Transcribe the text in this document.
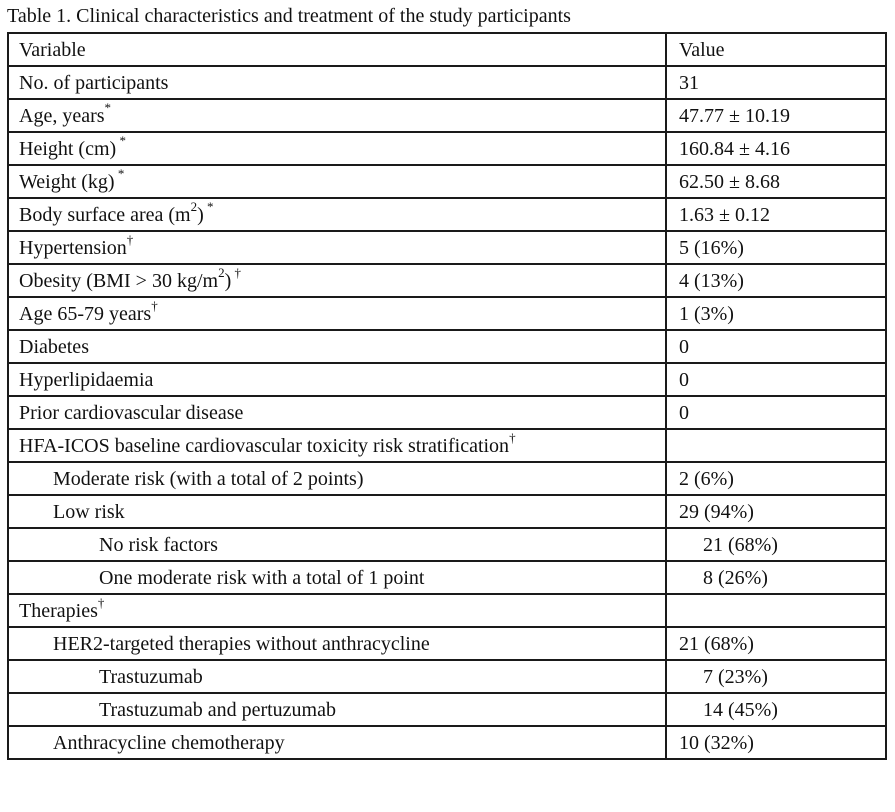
Table 1. Clinical characteristics and treatment of the study participants
Variable	Value
No. of participants	31
Age, years*	47.77 ± 10.19
Height (cm) *	160.84 ± 4.16
Weight (kg) *	62.50 ± 8.68
Body surface area $(m^2)$ *	1.63 ± 0.12
Hypertension†	5 (16%)
Obesity (BMI > 30 $kg/m^2$) †	4 (13%)
Age 65-79 years†	1 (3%)
Diabetes	0
Hyperlipidaemia	0
Prior cardiovascular disease	0
HFA-ICOS baseline cardiovascular toxicity risk stratification†	
Moderate risk (with a total of 2 points)	2 (6%)
Low risk	29 (94%)
No risk factors	21 (68%)
One moderate risk with a total of 1 point	8 (26%)
Therapies†	
HER2-targeted therapies without anthracycline	21 (68%)
Trastuzumab	7 (23%)
Trastuzumab and pertuzumab	14 (45%)
Anthracycline chemotherapy	10 (32%)
